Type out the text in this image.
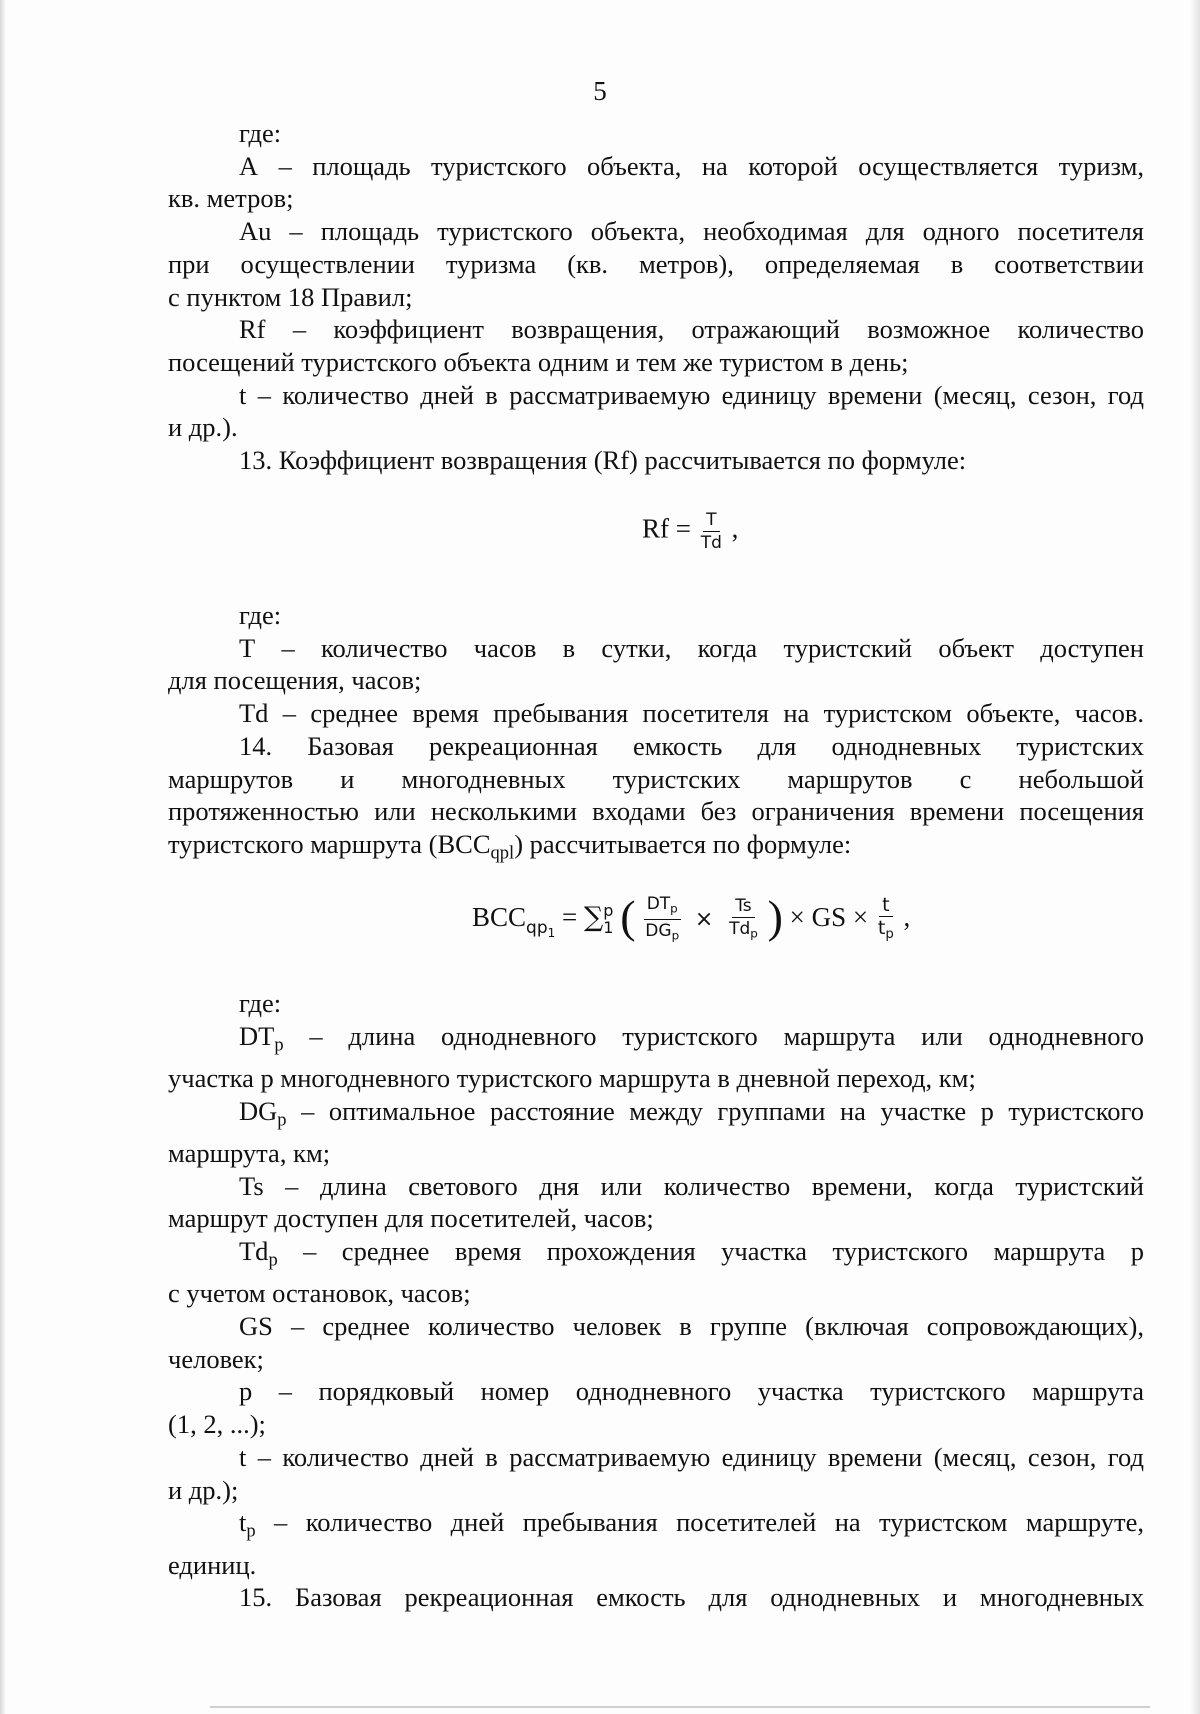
5
где:
А – площадь туристского объекта, на которой осуществляется туризм,
кв. метров;
Au – площадь туристского объекта, необходимая для одного посетителя
при осуществлении туризма (кв. метров), определяемая в соответствии
с пунктом 18 Правил;
Rf – коэффициент возвращения, отражающий возможное количество
посещений туристского объекта одним и тем же туристом в день;
t – количество дней в рассматриваемую единицу времени (месяц, сезон, год
и др.).
13. Коэффициент возвращения (Rf) рассчитывается по формуле:
$Rf = \frac{T}{Td}$ ,
где:
Т – количество часов в сутки, когда туристский объект доступен
для посещения, часов;
Td – среднее время пребывания посетителя на туристском объекте, часов.
14. Базовая рекреационная емкость для однодневных туристских
маршрутов и многодневных туристских маршрутов с небольшой
протяженностью или несколькими входами без ограничения времени посещения
туристского маршрута $(BCC_{qpl})$ рассчитывается по формуле:
$BCC_{qp1}$ = ∑ p
1 ( $\frac{DT_p}{DG_p} \times \frac{Ts}{Td_p}$ ) × GS × $\frac{t}{t_p}$ ,
где:
$DT_p$ – длина однодневного туристского маршрута или однодневного
участка р многодневного туристского маршрута в дневной переход, км;
$DG_p$ – оптимальное расстояние между группами на участке р туристского
маршрута, км;
Ts – длина светового дня или количество времени, когда туристский
маршрут доступен для посетителей, часов;
$Td_p$ – среднее время прохождения участка туристского маршрута р
с учетом остановок, часов;
GS – среднее количество человек в группе (включая сопровождающих),
человек;
р – порядковый номер однодневного участка туристского маршрута
(1, 2, ...);
t – количество дней в рассматриваемую единицу времени (месяц, сезон, год
и др.);
$t_p$ – количество дней пребывания посетителей на туристском маршруте,
единиц.
15. Базовая рекреационная емкость для однодневных и многодневных
